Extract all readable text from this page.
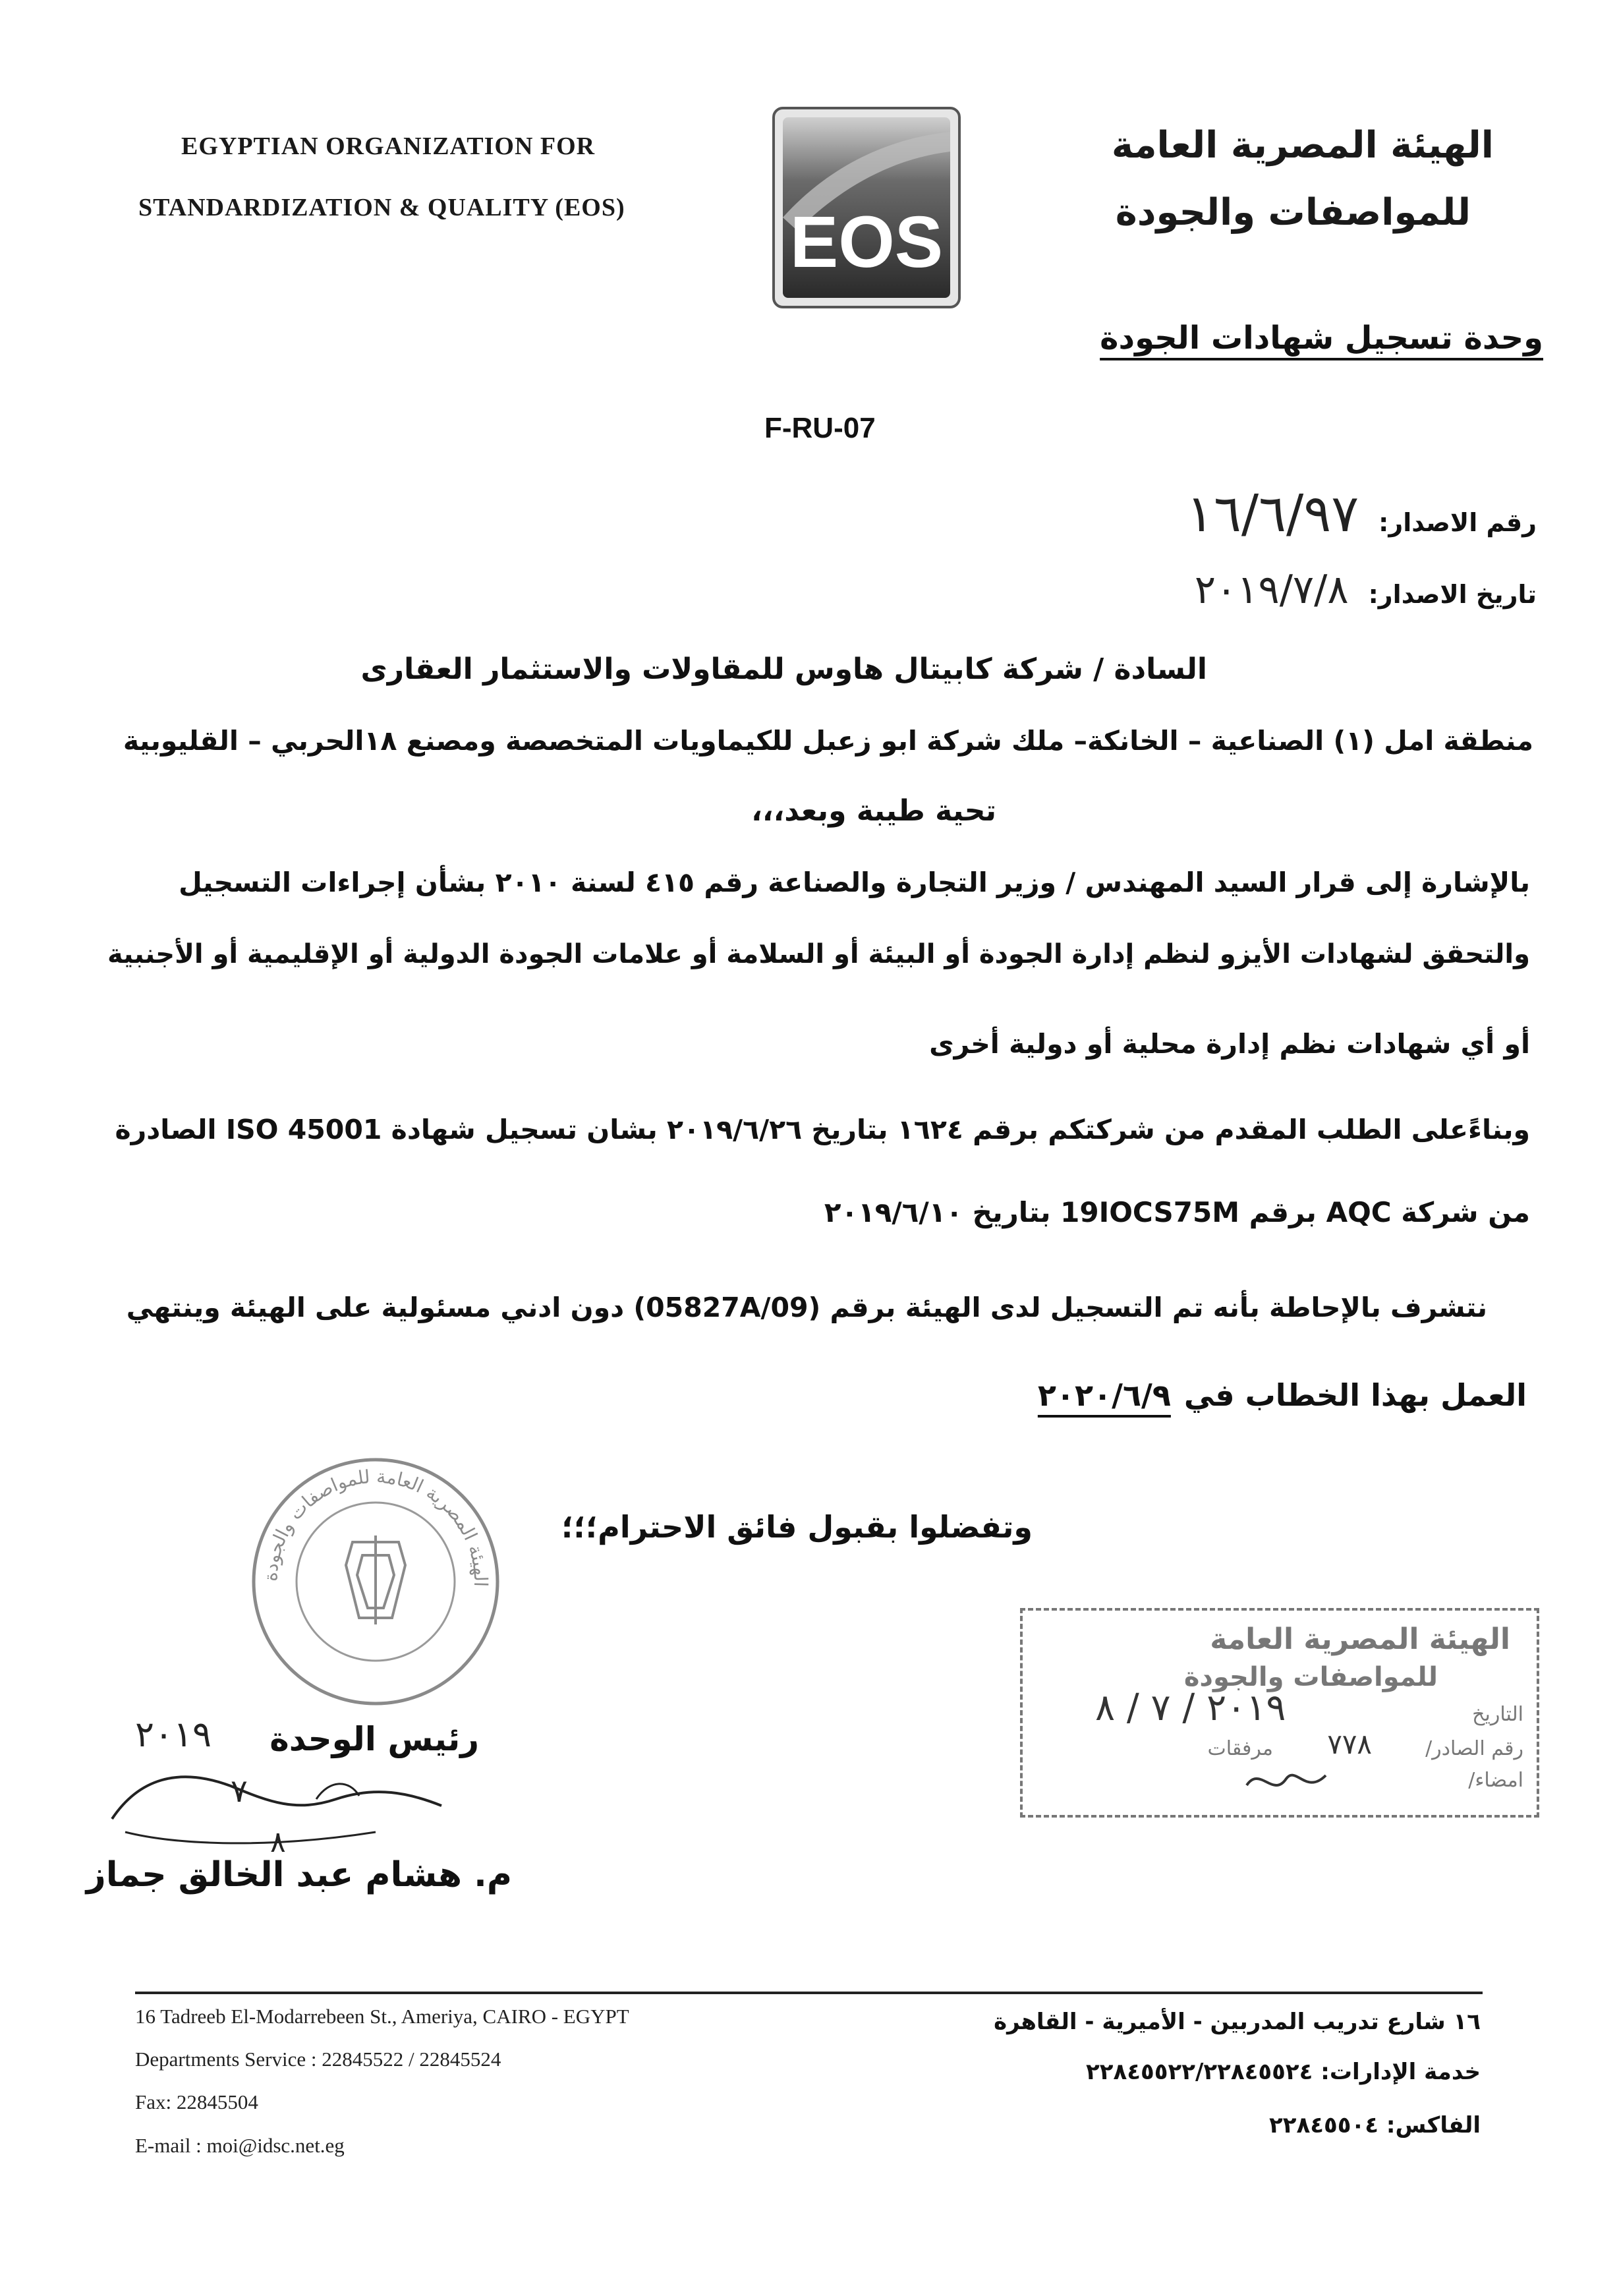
EGYPTIAN ORGANIZATION FOR
STANDARDIZATION & QUALITY (EOS) EOS
الهيئة المصرية العامة
للمواصفات والجودة
وحدة تسجيل شهادات الجودة
F-RU-07
رقم الاصدار:
١٦/٦/٩٧
تاريخ الاصدار:
٢٠١٩/٧/٨
السادة / شركة كابيتال هاوس للمقاولات والاستثمار العقارى
منطقة امل (١) الصناعية – الخانكة– ملك شركة ابو زعبل للكيماويات المتخصصة ومصنع ١٨الحربي – القليوبية
تحية طيبة وبعد،،،
بالإشارة إلى قرار السيد المهندس / وزير التجارة والصناعة رقم ٤١٥ لسنة ٢٠١٠ بشأن إجراءات التسجيل
والتحقق لشهادات الأيزو لنظم إدارة الجودة أو البيئة أو السلامة أو علامات الجودة الدولية أو الإقليمية أو الأجنبية
أو أي شهادات نظم إدارة محلية أو دولية أخرى
وبناءًعلى الطلب المقدم من شركتكم برقم ١٦٢٤ بتاريخ ٢٠١٩/٦/٢٦ بشان تسجيل شهادة ISO 45001 الصادرة
من شركة AQC برقم 19IOCS75M بتاريخ ٢٠١٩/٦/١٠
نتشرف بالإحاطة بأنه تم التسجيل لدى الهيئة برقم (05827A/09) دون ادني مسئولية على الهيئة وينتهي
العمل بهذا الخطاب في
٢٠٢٠/٦/٩
وتفضلوا بقبول فائق الاحترام؛؛؛
الهيئة المصرية العامة للمواصفات والجودة
٢٠١٩	رئيس الوحدة
٧
٨
م. هشام عبد الخالق جماز
الهيئة المصرية العامة
للمواصفات والجودة
التاريخ
٢٠١٩ / ٧ / ٨
رقم الصادر/
٧٧٨
مرفقات
امضاء/
16 Tadreeb El-Modarrebeen St., Ameriya, CAIRO - EGYPT
Departments Service : 22845522 / 22845524
Fax: 22845504
E-mail : moi@idsc.net.eg
١٦ شارع تدريب المدربين - الأميرية - القاهرة
خدمة الإدارات: ٢٢٨٤٥٥٢٢/٢٢٨٤٥٥٢٤
الفاكس: ٢٢٨٤٥٥٠٤
